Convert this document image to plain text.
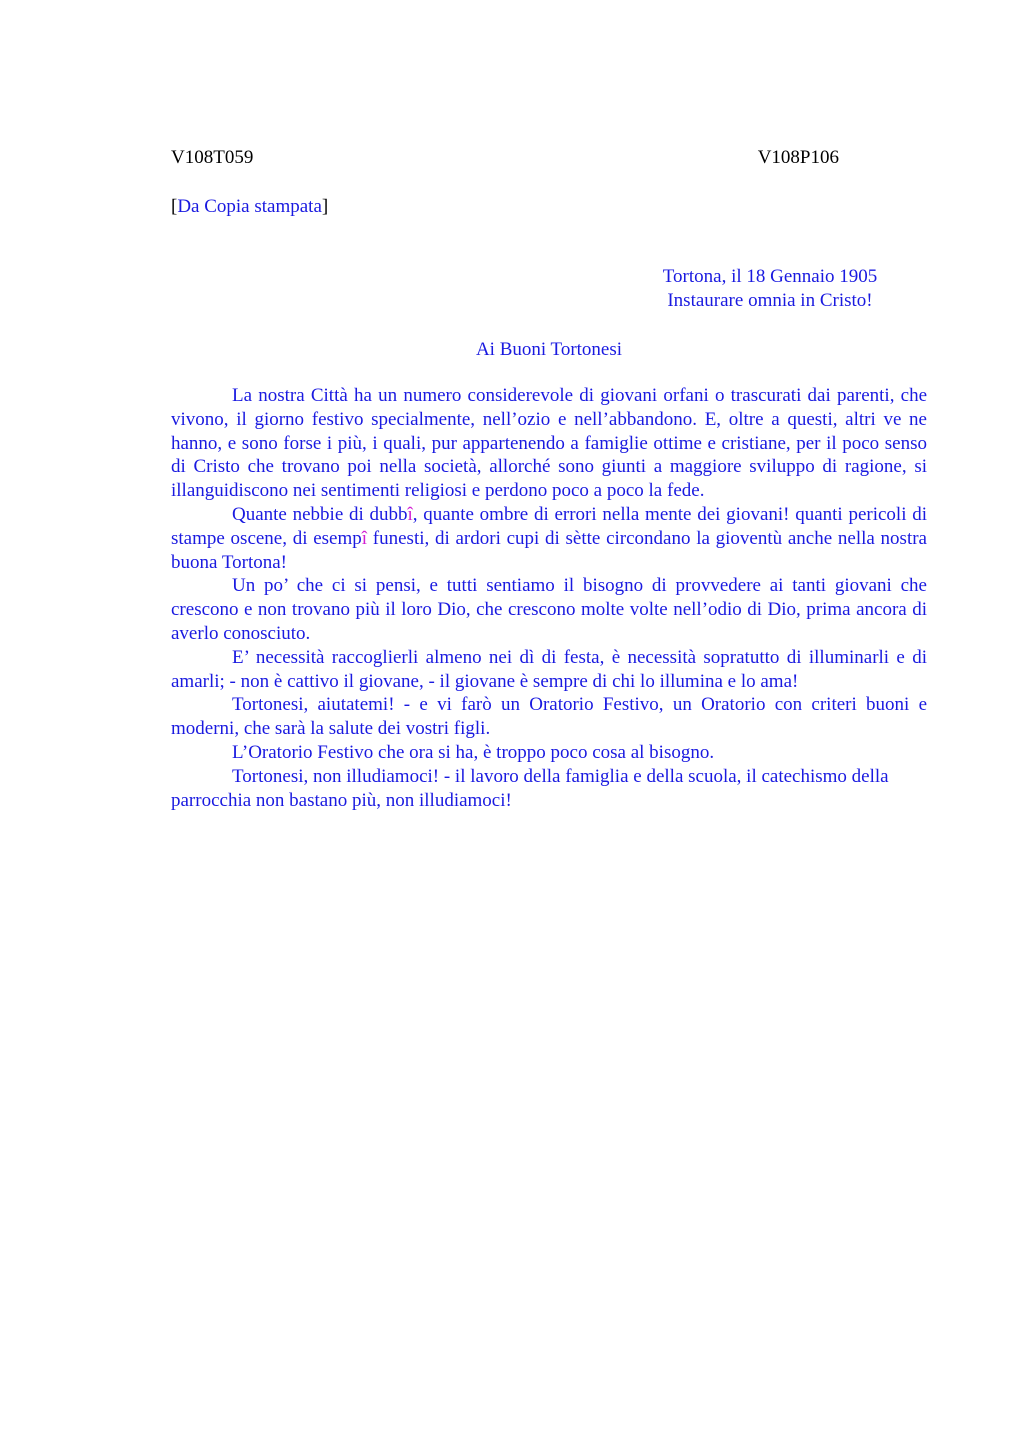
V108T059	V108P106
[Da Copia stampata]
Tortona, il 18 Gennaio 1905
Instaurare omnia in Cristo!
Ai Buoni Tortonesi

La nostra Città ha un numero considerevole di giovani orfani o trascurati dai parenti, che vivono, il giorno festivo specialmente, nell’ozio e nell’abbandono. E, oltre a questi, altri ve ne hanno, e sono forse i più, i quali, pur appartenendo a famiglie ottime e cristiane, per il poco senso di Cristo che trovano poi nella società, allorché sono giunti a maggiore sviluppo di ragione, si illanguidiscono nei sentimenti religiosi e perdono poco a poco la fede.

Quante nebbie di dubbî, quante ombre di errori nella mente dei giovani! quanti pericoli di stampe oscene, di esempî funesti, di ardori cupi di sètte circondano la gioventù anche nella nostra buona Tortona!

Un po’ che ci si pensi, e tutti sentiamo il bisogno di provvedere ai tanti giovani che crescono e non trovano più il loro Dio, che crescono molte volte nell’odio di Dio, prima ancora di averlo conosciuto.

E’ necessità raccoglierli almeno nei dì di festa, è necessità sopratutto di illuminarli e di amarli; - non è cattivo il giovane, - il giovane è sempre di chi lo illumina e lo ama!

Tortonesi, aiutatemi! - e vi farò un Oratorio Festivo, un Oratorio con criteri buoni e moderni, che sarà la salute dei vostri figli.

L’Oratorio Festivo che ora si ha, è troppo poco cosa al bisogno.

Tortonesi, non illudiamoci! - il lavoro della famiglia e della scuola, il catechismo della parrocchia non bastano più, non illudiamoci!
